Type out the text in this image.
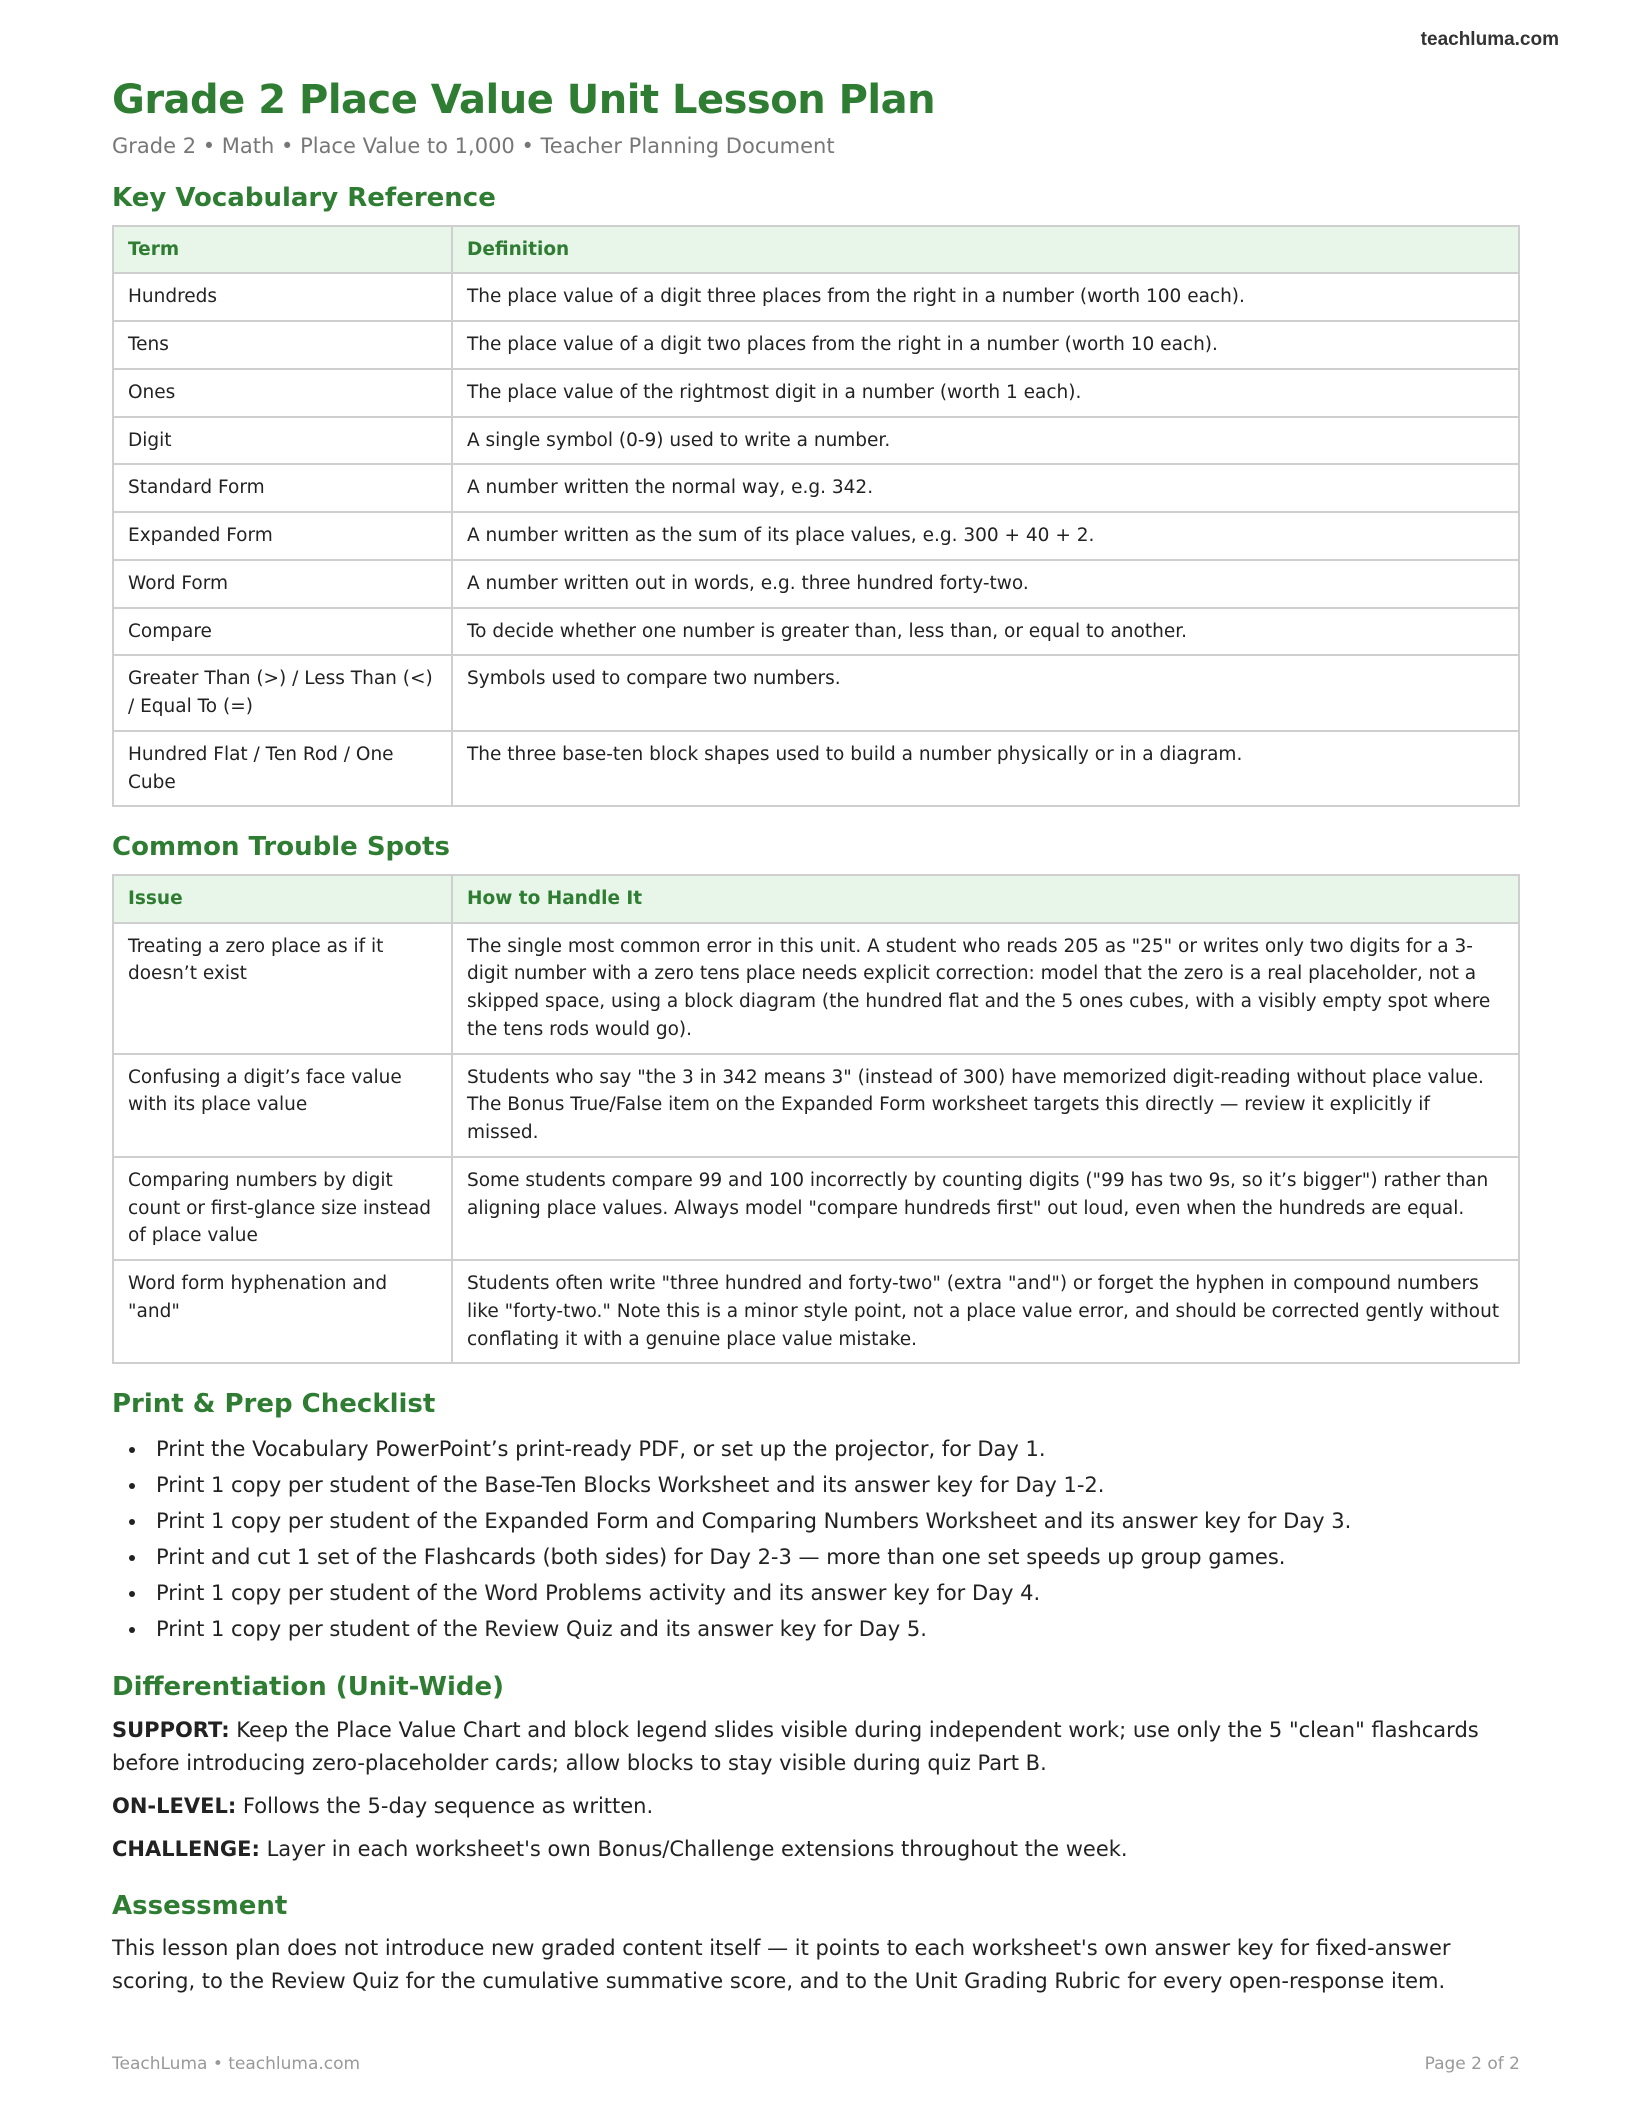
teachluma.com
Grade 2 Place Value Unit Lesson Plan
Grade 2 • Math • Place Value to 1,000 • Teacher Planning Document
Key Vocabulary Reference
Term	Definition
Hundreds	The place value of a digit three places from the right in a number (worth 100 each).
Tens	The place value of a digit two places from the right in a number (worth 10 each).
Ones	The place value of the rightmost digit in a number (worth 1 each).
Digit	A single symbol (0-9) used to write a number.
Standard Form	A number written the normal way, e.g. 342.
Expanded Form	A number written as the sum of its place values, e.g. 300 + 40 + 2.
Word Form	A number written out in words, e.g. three hundred forty-two.
Compare	To decide whether one number is greater than, less than, or equal to another.
Greater Than (>) / Less Than (<) / Equal To (=)	Symbols used to compare two numbers.
Hundred Flat / Ten Rod / One Cube	The three base-ten block shapes used to build a number physically or in a diagram.
Common Trouble Spots
Issue	How to Handle It
Treating a zero place as if it doesn’t exist	The single most common error in this unit. A student who reads 205 as "25" or writes only two digits for a 3-digit number with a zero tens place needs explicit correction: model that the zero is a real placeholder, not a skipped space, using a block diagram (the hundred flat and the 5 ones cubes, with a visibly empty spot where the tens rods would go).
Confusing a digit’s face value with its place value	Students who say "the 3 in 342 means 3" (instead of 300) have memorized digit-reading without place value. The Bonus True/False item on the Expanded Form worksheet targets this directly — review it explicitly if missed.
Comparing numbers by digit count or first-glance size instead of place value	Some students compare 99 and 100 incorrectly by counting digits ("99 has two 9s, so it’s bigger") rather than aligning place values. Always model "compare hundreds first" out loud, even when the hundreds are equal.
Word form hyphenation and "and"	Students often write "three hundred and forty-two" (extra "and") or forget the hyphen in compound numbers like "forty-two." Note this is a minor style point, not a place value error, and should be corrected gently without conflating it with a genuine place value mistake.
Print & Prep Checklist
• Print the Vocabulary PowerPoint’s print-ready PDF, or set up the projector, for Day 1.
• Print 1 copy per student of the Base-Ten Blocks Worksheet and its answer key for Day 1-2.
• Print 1 copy per student of the Expanded Form and Comparing Numbers Worksheet and its answer key for Day 3.
• Print and cut 1 set of the Flashcards (both sides) for Day 2-3 — more than one set speeds up group games.
• Print 1 copy per student of the Word Problems activity and its answer key for Day 4.
• Print 1 copy per student of the Review Quiz and its answer key for Day 5.
Differentiation (Unit-Wide)

SUPPORT: Keep the Place Value Chart and block legend slides visible during independent work; use only the 5 "clean" flashcards before introducing zero-placeholder cards; allow blocks to stay visible during quiz Part B.

ON-LEVEL: Follows the 5-day sequence as written.

CHALLENGE: Layer in each worksheet's own Bonus/Challenge extensions throughout the week.

Assessment

This lesson plan does not introduce new graded content itself — it points to each worksheet's own answer key for fixed-answer scoring, to the Review Quiz for the cumulative summative score, and to the Unit Grading Rubric for every open-response item.

TeachLuma • teachluma.com	Page 2 of 2
